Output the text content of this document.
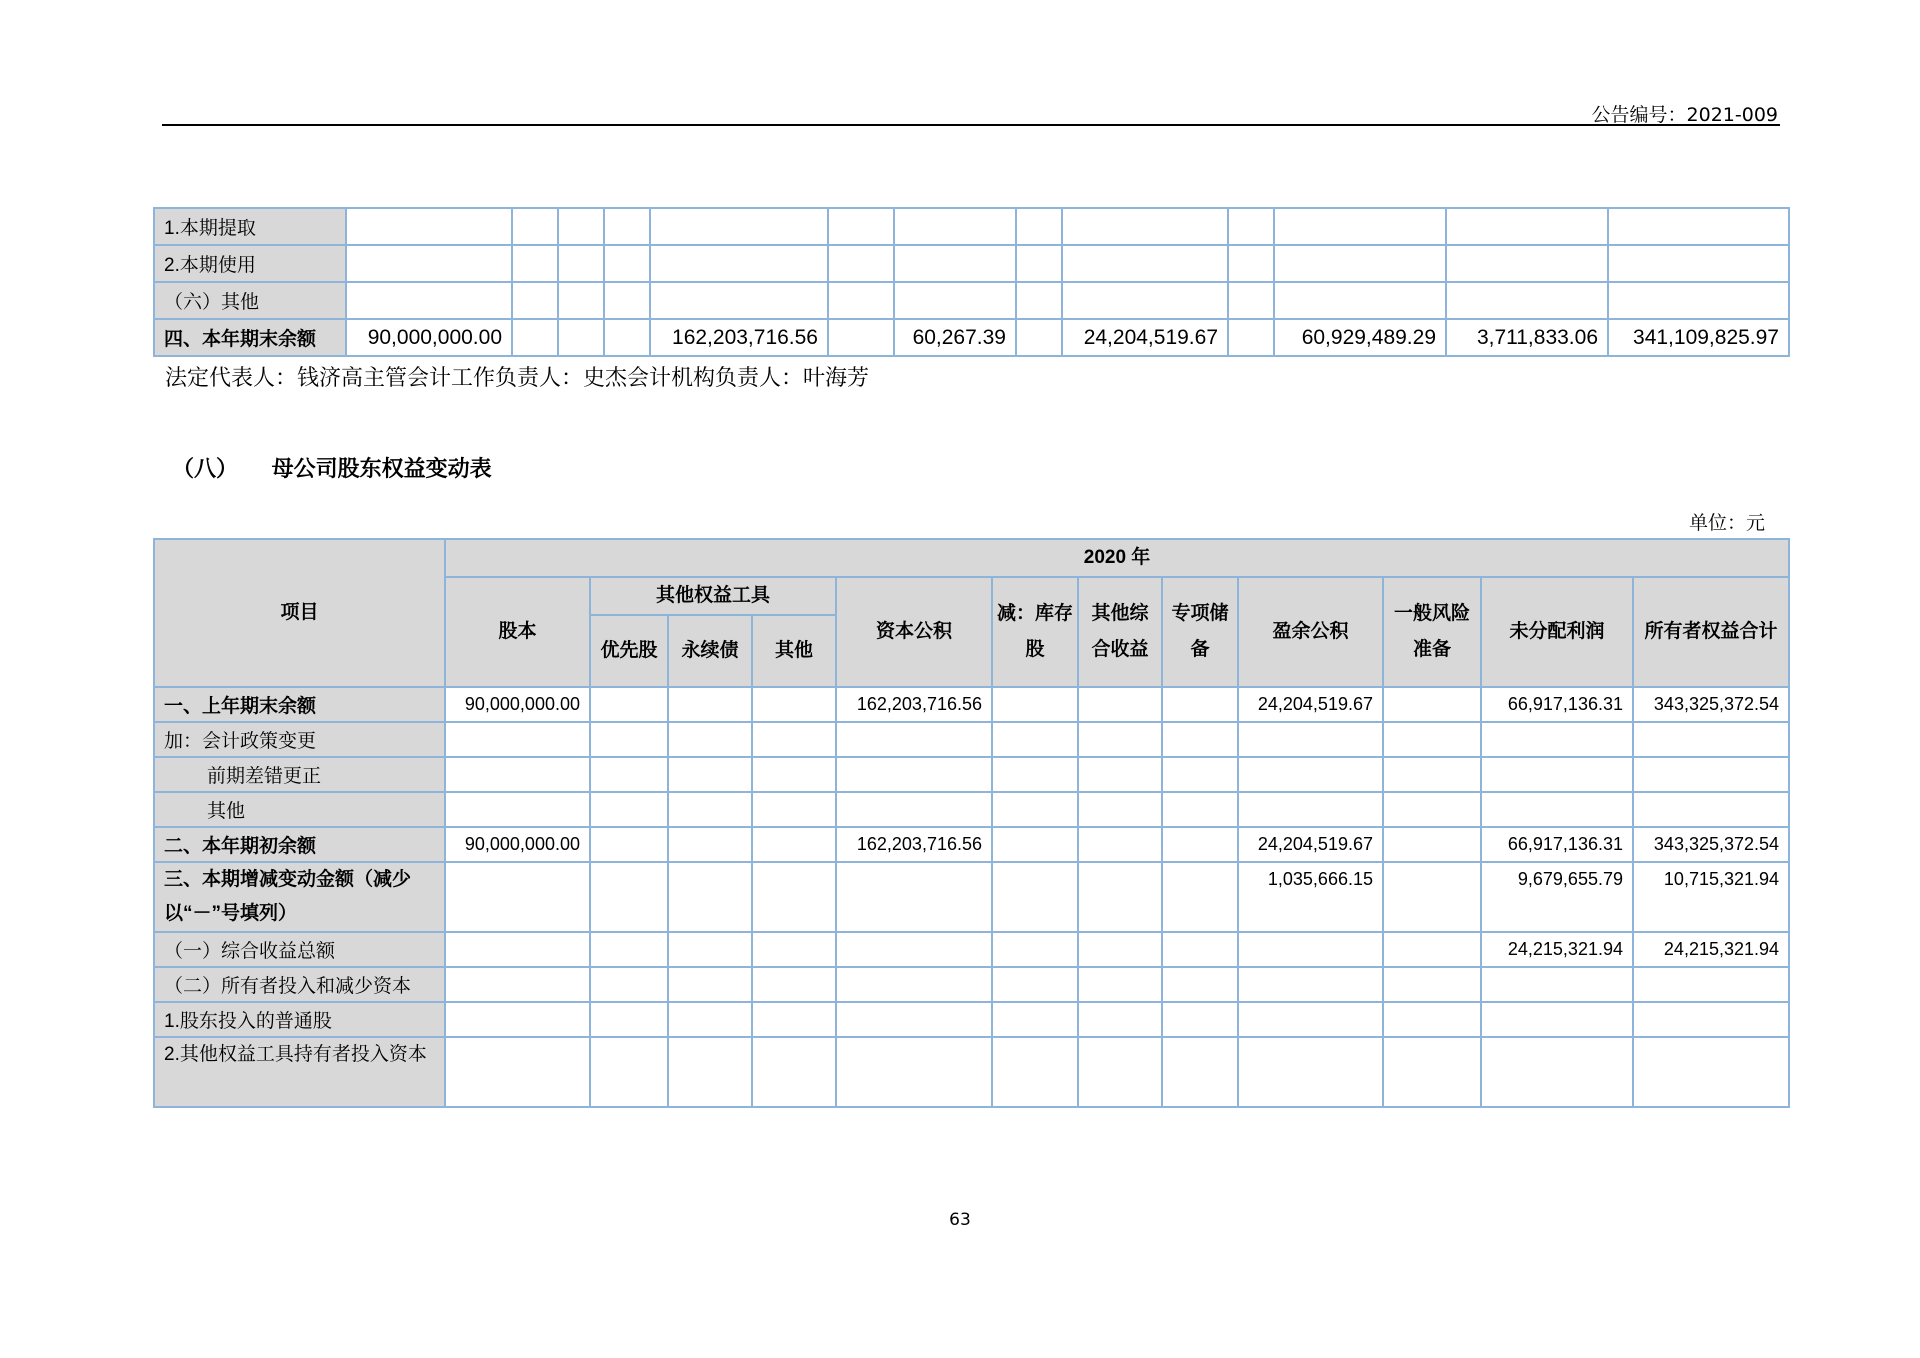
公告编号：2021-009
1.本期提取													
2.本期使用													
（六）其他													
四、本年期末余额	90,000,000.00				162,203,716.56		60,267.39		24,204,519.67		60,929,489.29	3,711,833.06	341,109,825.97
法定代表人：钱济高主管会计工作负责人：史杰会计机构负责人：叶海芳
（八） 母公司股东权益变动表
单位：元
项目	2020 年											
	股本	其他权益工具			资本公积	减：库存股	其他综合收益	专项储备	盈余公积	一般风险准备	未分配利润	所有者权益合计
		优先股	永续债	其他								
一、上年期末余额	90,000,000.00				162,203,716.56				24,204,519.67		66,917,136.31	343,325,372.54
加：会计政策变更												
前期差错更正												
其他												
二、本年期初余额	90,000,000.00				162,203,716.56				24,204,519.67		66,917,136.31	343,325,372.54
三、本期增减变动金额（减少以“－”号填列）									1,035,666.15		9,679,655.79	10,715,321.94
（一）综合收益总额											24,215,321.94	24,215,321.94
（二）所有者投入和减少资本												
1.股东投入的普通股												
2.其他权益工具持有者投入资本												
63
